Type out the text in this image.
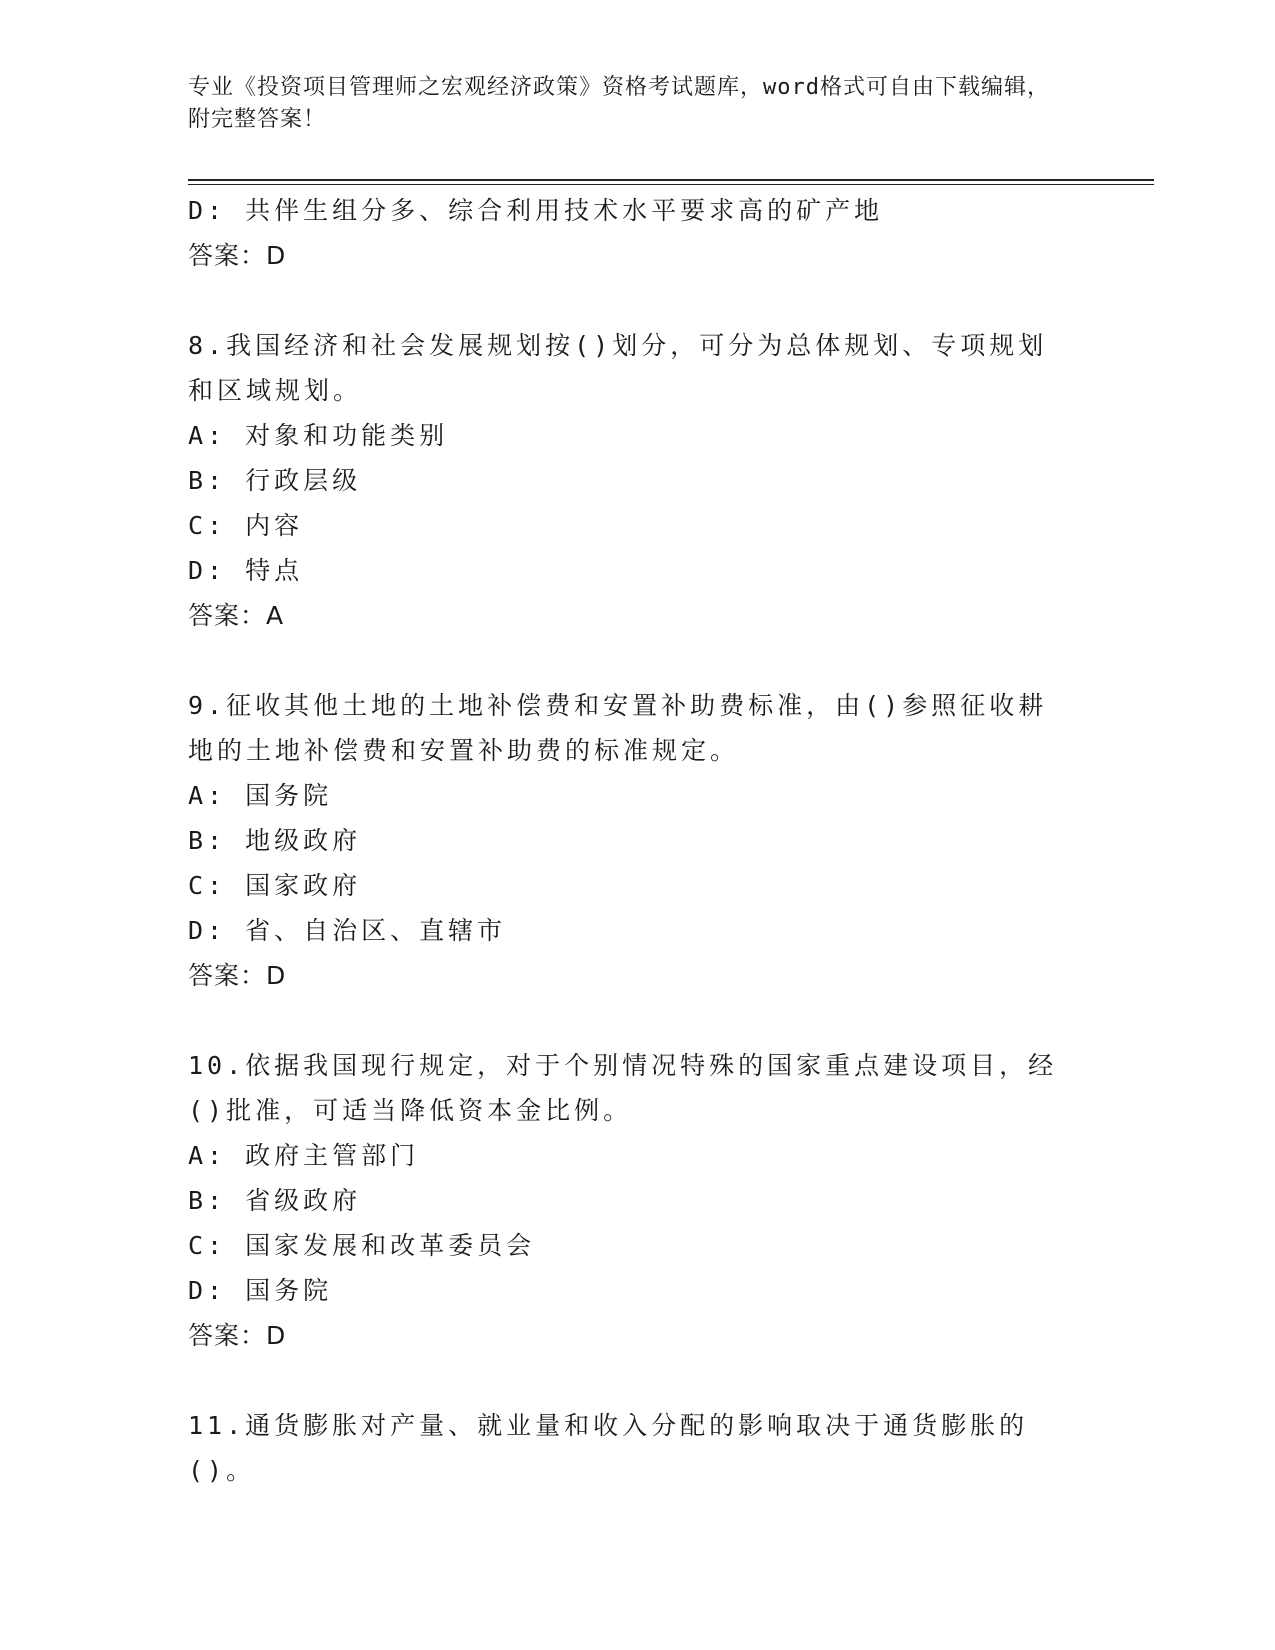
专业《投资项目管理师之宏观经济政策》资格考试题库，word格式可自由下载编辑，附完整答案！
D: 共伴生组分多、综合利用技术水平要求高的矿产地
答案：D
8.我国经济和社会发展规划按()划分，可分为总体规划、专项规划和区域规划。
A: 对象和功能类别
B: 行政层级
C: 内容
D: 特点
答案：A
9.征收其他土地的土地补偿费和安置补助费标准，由()参照征收耕地的土地补偿费和安置补助费的标准规定。
A: 国务院
B: 地级政府
C: 国家政府
D: 省、自治区、直辖市
答案：D
10.依据我国现行规定，对于个别情况特殊的国家重点建设项目，经()批准，可适当降低资本金比例。
A: 政府主管部门
B: 省级政府
C: 国家发展和改革委员会
D: 国务院
答案：D
11.通货膨胀对产量、就业量和收入分配的影响取决于通货膨胀的()。
